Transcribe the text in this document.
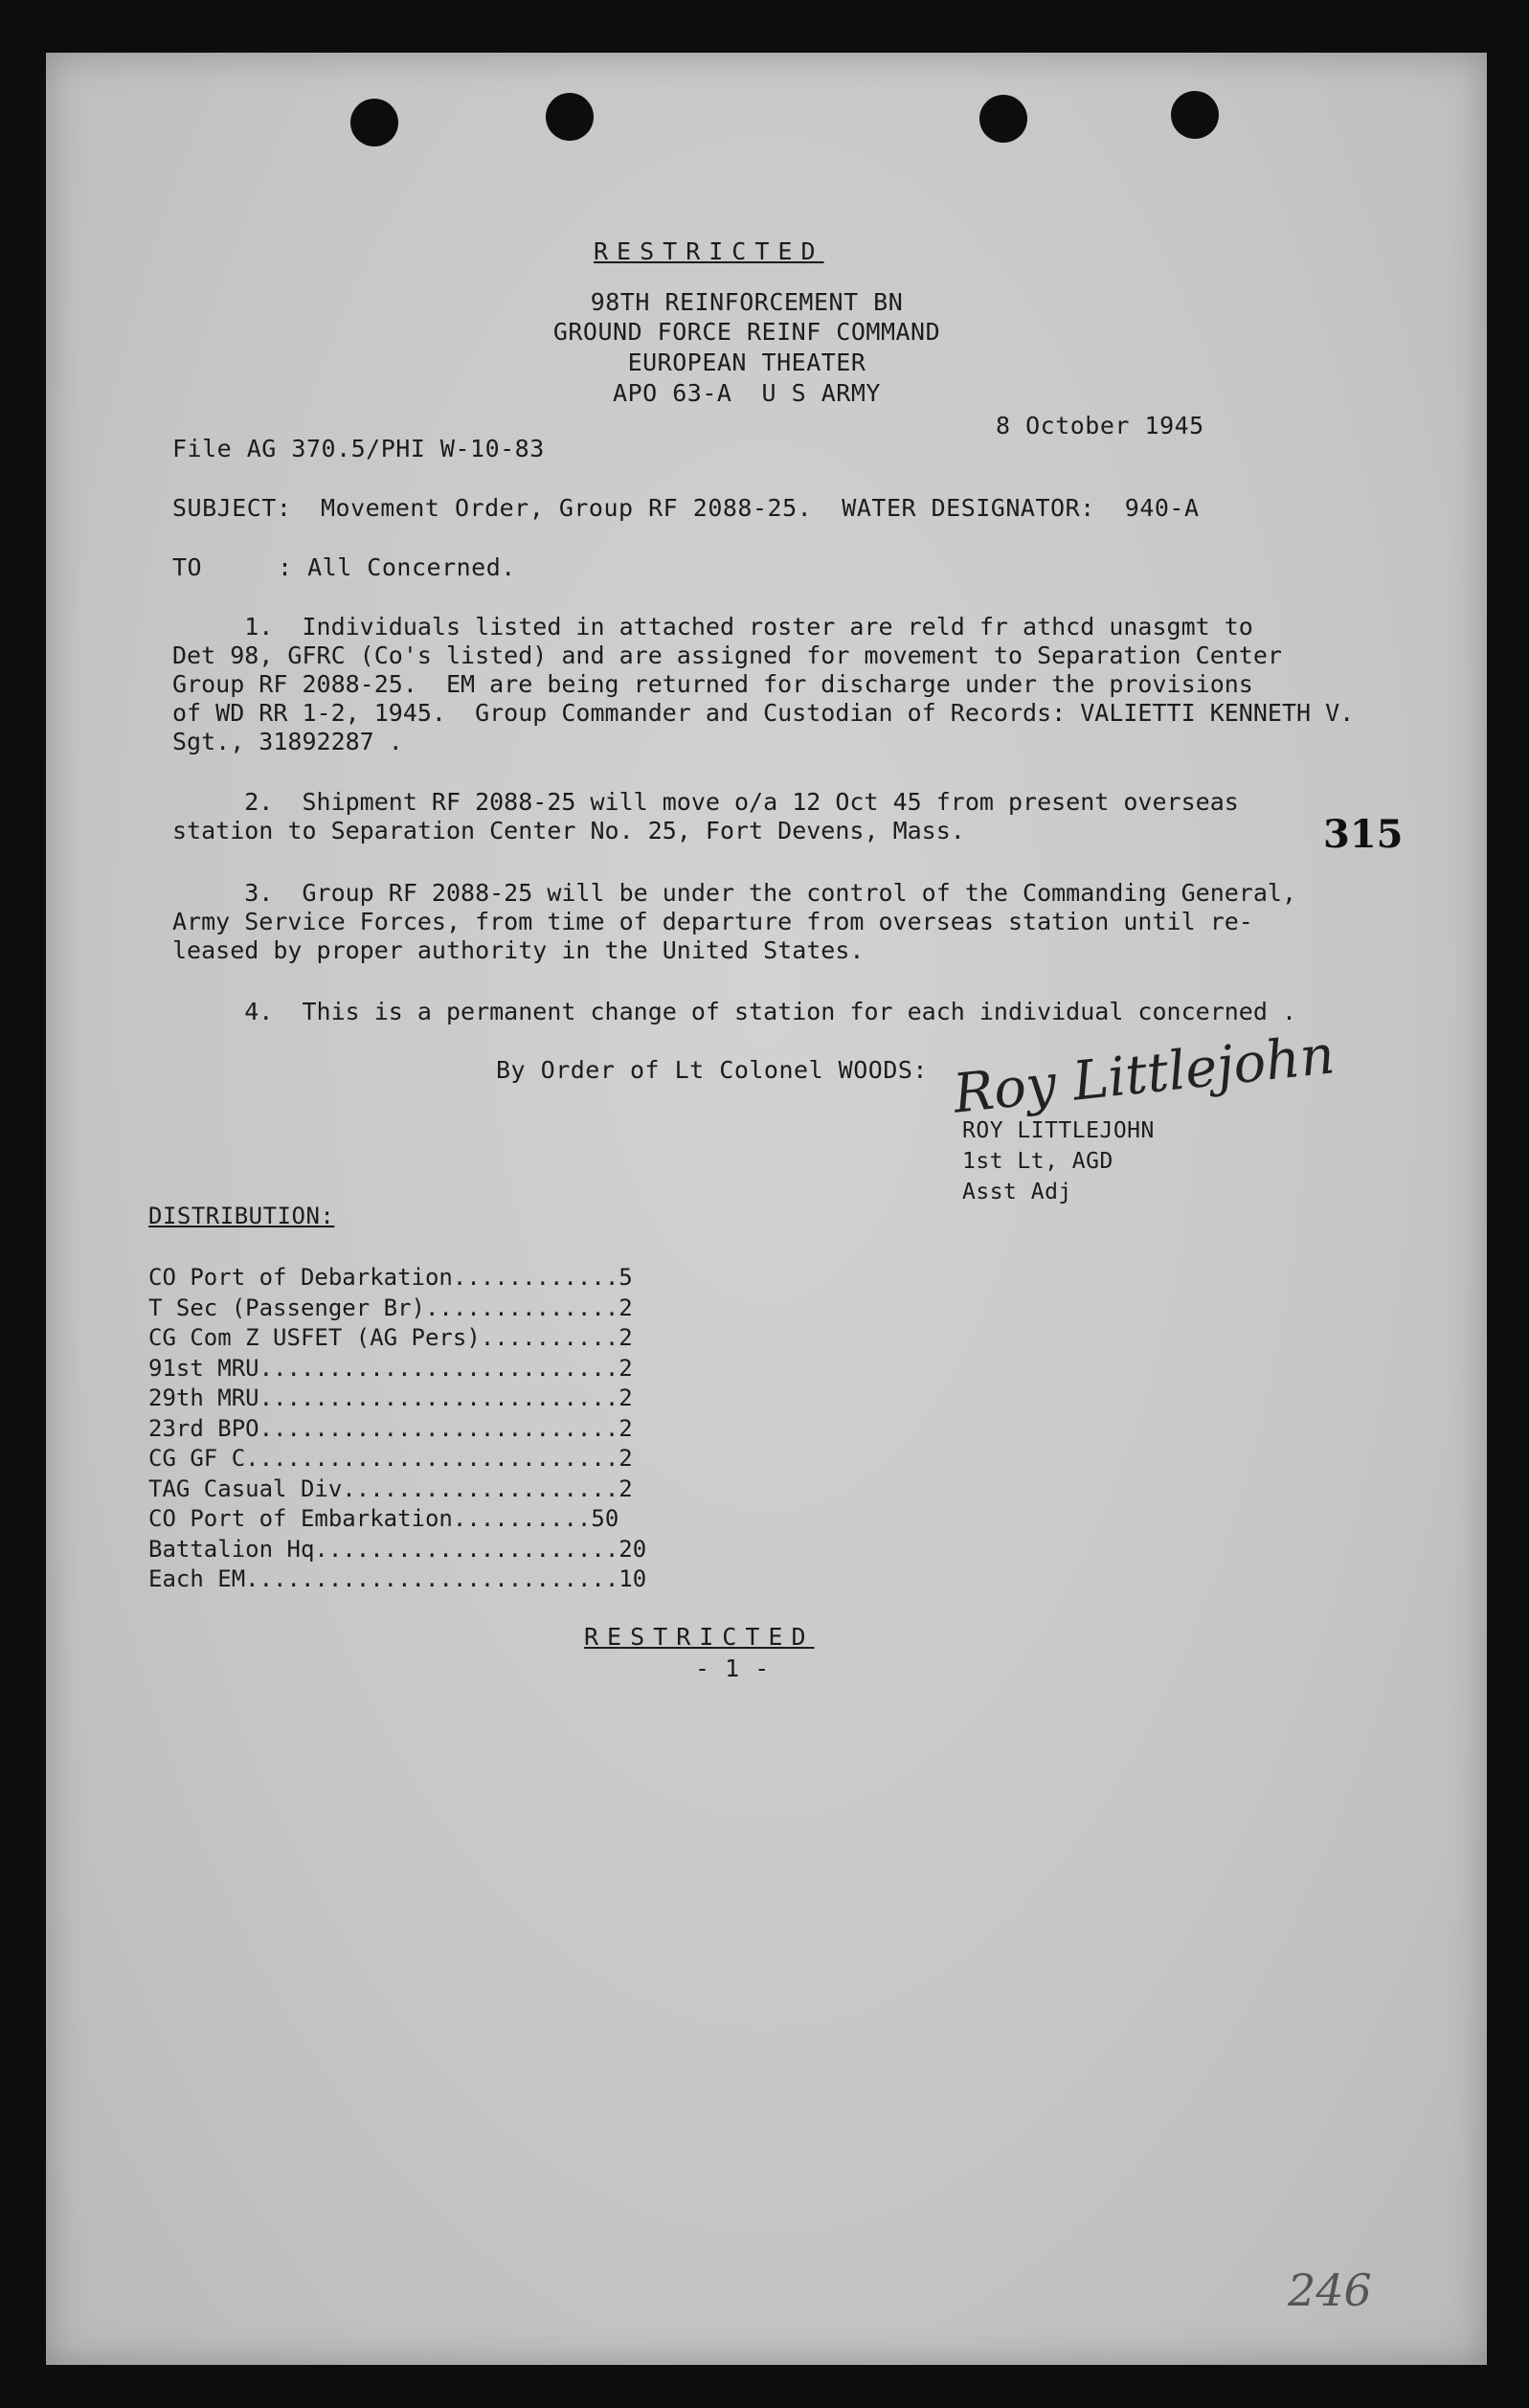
RESTRICTED
98TH REINFORCEMENT BN
GROUND FORCE REINF COMMAND
EUROPEAN THEATER
APO 63-A  U S ARMY
8 October 1945
File AG 370.5/PHI W-10-83
SUBJECT: Movement Order, Group RF 2088-25.  WATER DESIGNATOR:  940-A
TO	: All Concerned.
1.  Individuals listed in attached roster are reld fr athcd unasgmt to
Det 98, GFRC (Co's listed) and are assigned for movement to Separation Center
Group RF 2088-25.  EM are being returned for discharge under the provisions
of WD RR 1-2, 1945.  Group Commander and Custodian of Records: VALIETTI KENNETH V.
Sgt., 31892287 .
2.  Shipment RF 2088-25 will move o/a 12 Oct 45 from present overseas
station to Separation Center No. 25, Fort Devens, Mass.	315
3.  Group RF 2088-25 will be under the control of the Commanding General,
Army Service Forces, from time of departure from overseas station until re-
leased by proper authority in the United States.
4.  This is a permanent change of station for each individual concerned .
By Order of Lt Colonel WOODS: Roy Littlejohn
ROY LITTLEJOHN
1st Lt, AGD
Asst Adj
DISTRIBUTION:
CO Port of Debarkation............5
T Sec (Passenger Br)..............2
CG Com Z USFET (AG Pers)..........2
91st MRU..........................2
29th MRU..........................2
23rd BPO..........................2
CG GF C...........................2
TAG Casual Div....................2
CO Port of Embarkation..........50
Battalion Hq......................20
Each EM...........................10
RESTRICTED
- 1 -
246
